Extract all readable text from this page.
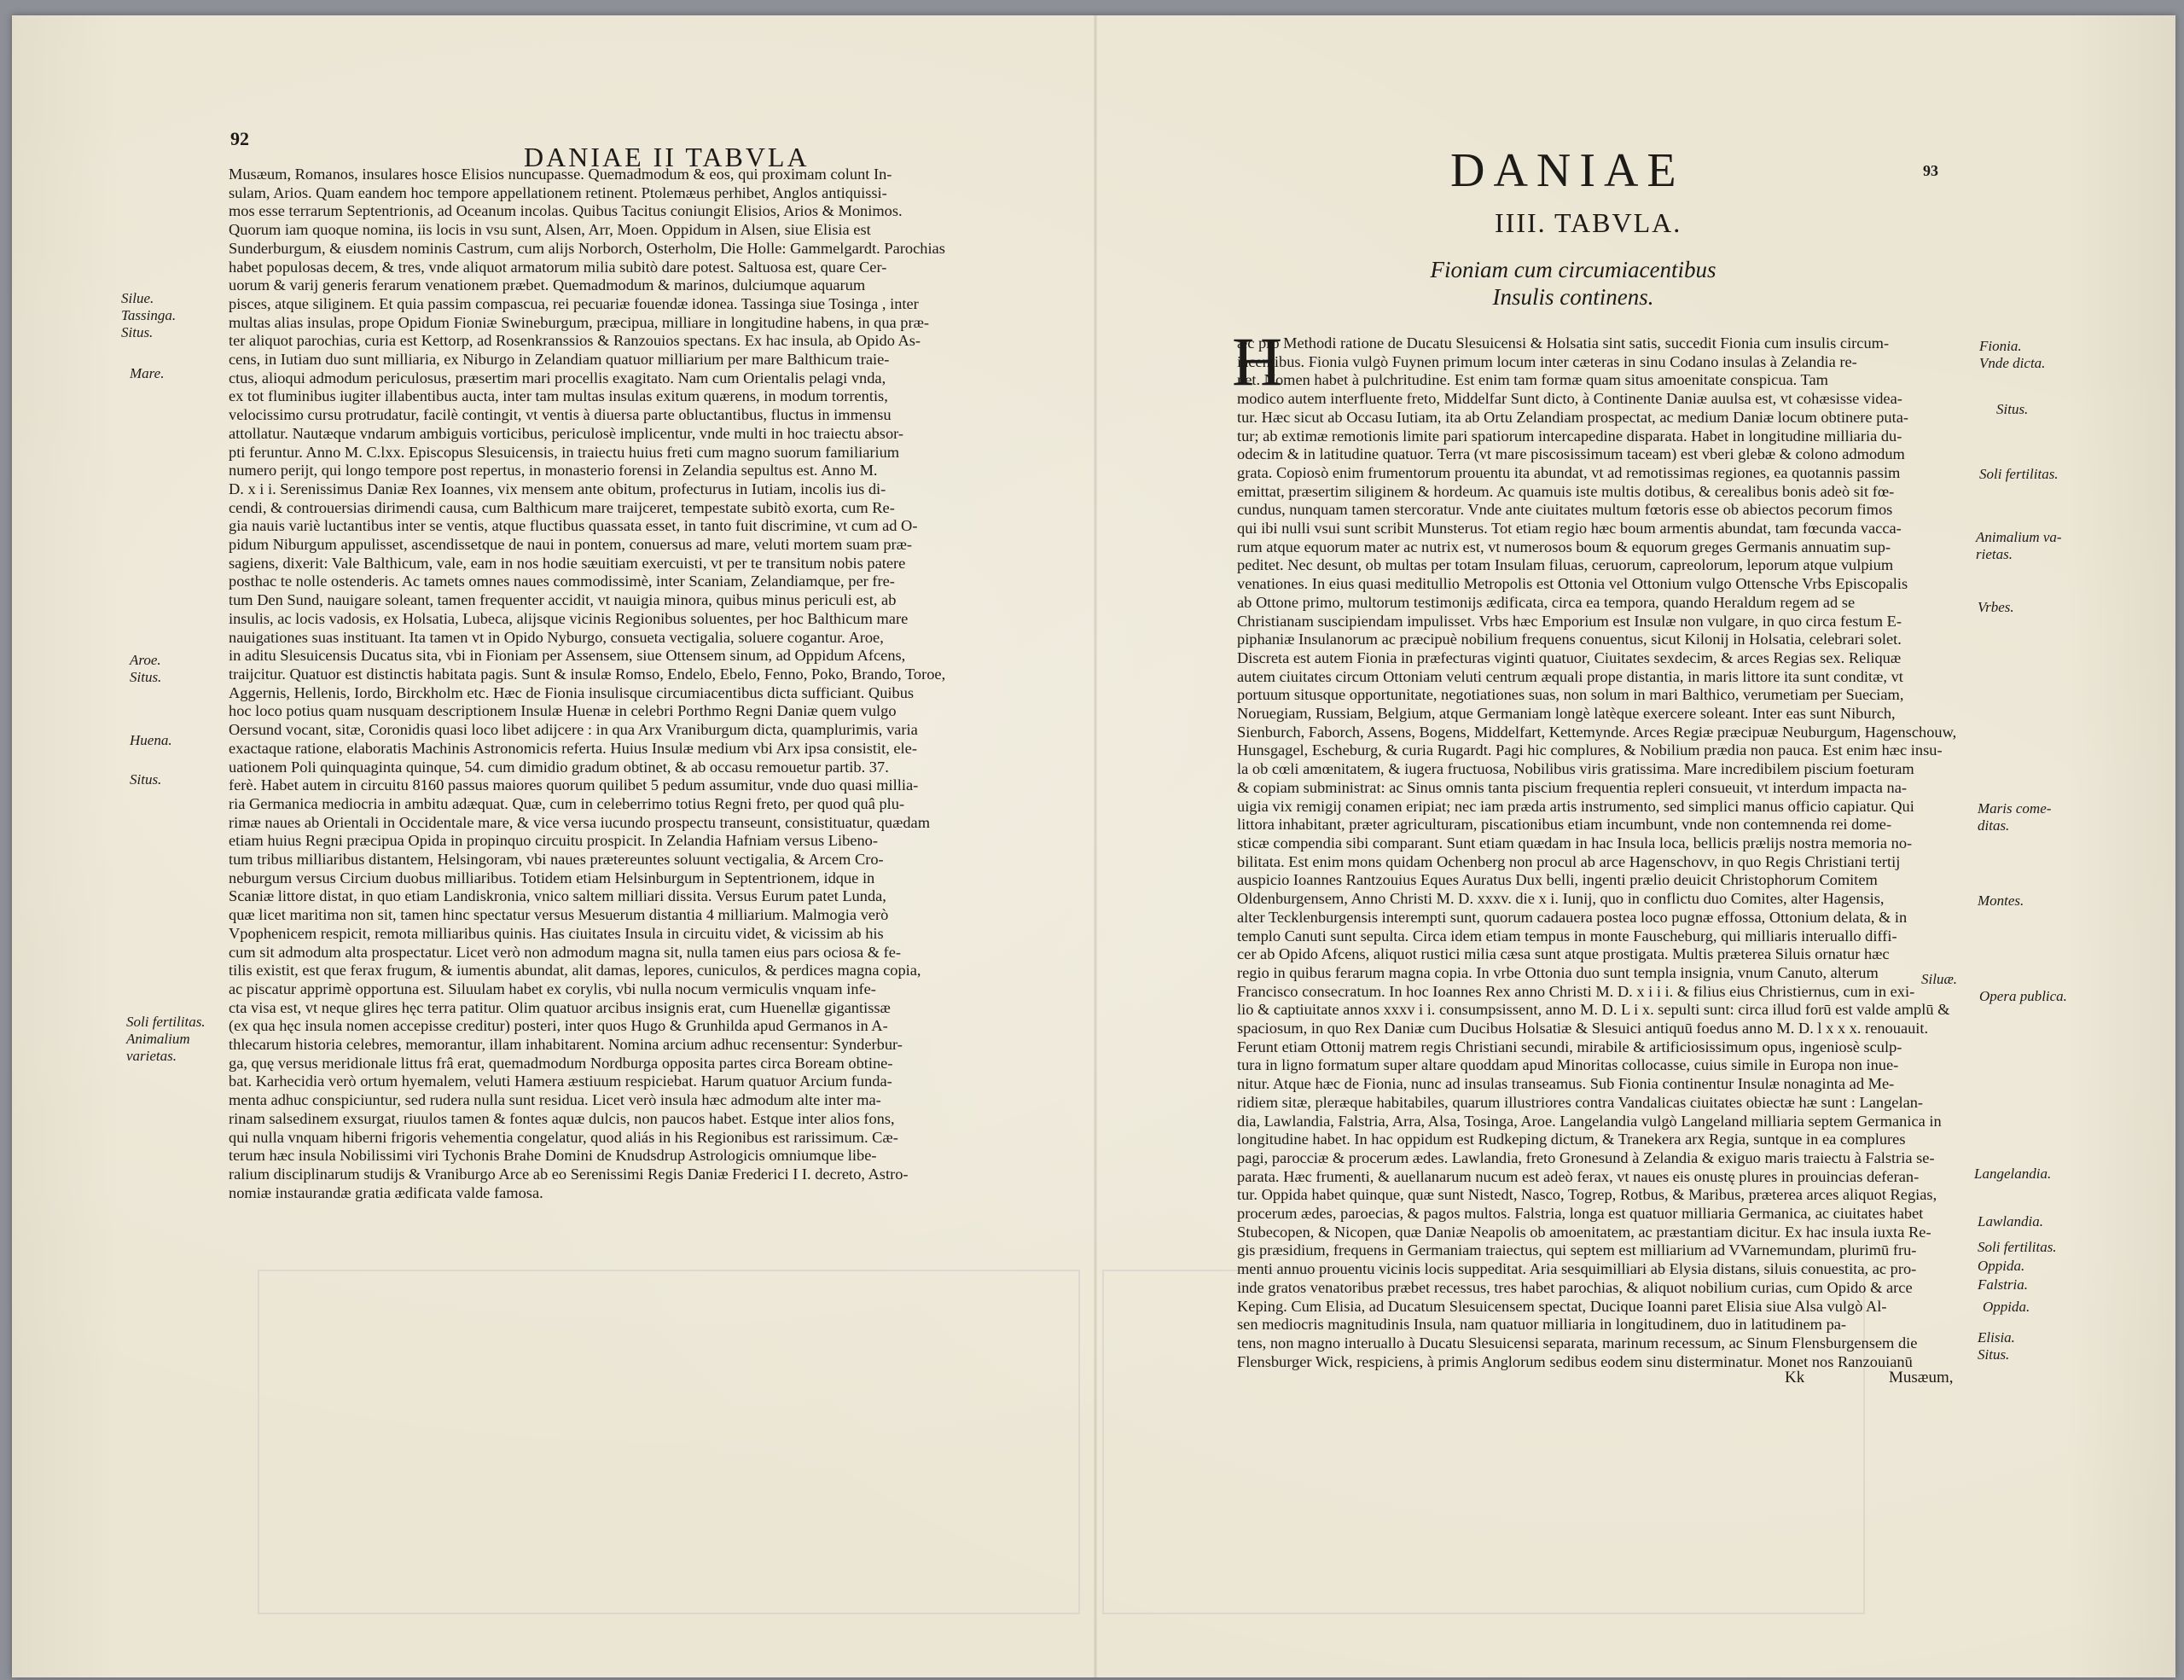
92
DANIAE II TABVLA

Musæum, Romanos, insulares hosce Elisios nuncupasse. Quemadmodum & eos, qui proximam colunt In-

sulam, Arios. Quam eandem hoc tempore appellationem retinent. Ptolemæus perhibet, Anglos antiquissi-

mos esse terrarum Septentrionis, ad Oceanum incolas. Quibus Tacitus coniungit Elisios, Arios & Monimos.

Quorum iam quoque nomina, iis locis in vsu sunt, Alsen, Arr, Moen. Oppidum in Alsen, siue Elisia est

Sunderburgum, & eiusdem nominis Castrum, cum alijs Norborch, Osterholm, Die Holle: Gammelgardt. Parochias

habet populosas decem, & tres, vnde aliquot armatorum milia subitò dare potest. Saltuosa est, quare Cer-

uorum & varij generis ferarum venationem præbet. Quemadmodum & marinos, dulciumque aquarum

pisces, atque siliginem. Et quia passim compascua, rei pecuariæ fouendæ idonea. Tassinga siue Tosinga , inter

multas alias insulas, prope Opidum Fioniæ Swineburgum, præcipua, milliare in longitudine habens, in qua præ-

ter aliquot parochias, curia est Kettorp, ad Rosenkranssios & Ranzouios spectans. Ex hac insula, ab Opido As-

cens, in Iutiam duo sunt milliaria, ex Niburgo in Zelandiam quatuor milliarium per mare Balthicum traie-

ctus, alioqui admodum periculosus, præsertim mari procellis exagitato. Nam cum Orientalis pelagi vnda,

ex tot fluminibus iugiter illabentibus aucta, inter tam multas insulas exitum quærens, in modum torrentis,

velocissimo cursu protrudatur, facilè contingit, vt ventis à diuersa parte obluctantibus, fluctus in immensu

attollatur. Nautæque vndarum ambiguis vorticibus, periculosè implicentur, vnde multi in hoc traiectu absor-

pti feruntur. Anno M. C.lxx. Episcopus Slesuicensis, in traiectu huius freti cum magno suorum familiarium

numero perijt, qui longo tempore post repertus, in monasterio forensi in Zelandia sepultus est. Anno M.

D. x i i. Serenissimus Daniæ Rex Ioannes, vix mensem ante obitum, profecturus in Iutiam, incolis ius di-

cendi, & controuersias dirimendi causa, cum Balthicum mare traijceret, tempestate subitò exorta, cum Re-

gia nauis variè luctantibus inter se ventis, atque fluctibus quassata esset, in tanto fuit discrimine, vt cum ad O-

pidum Niburgum appulisset, ascendissetque de naui in pontem, conuersus ad mare, veluti mortem suam præ-

sagiens, dixerit: Vale Balthicum, vale, eam in nos hodie sæuitiam exercuisti, vt per te transitum nobis patere

posthac te nolle ostenderis. Ac tamets omnes naues commodissimè, inter Scaniam, Zelandiamque, per fre-

tum Den Sund, nauigare soleant, tamen frequenter accidit, vt nauigia minora, quibus minus periculi est, ab

insulis, ac locis vadosis, ex Holsatia, Lubeca, alijsque vicinis Regionibus soluentes, per hoc Balthicum mare

nauigationes suas instituant. Ita tamen vt in Opido Nyburgo, consueta vectigalia, soluere cogantur. Aroe,

in aditu Slesuicensis Ducatus sita, vbi in Fioniam per Assensem, siue Ottensem sinum, ad Oppidum Afcens,

traijcitur. Quatuor est distinctis habitata pagis. Sunt & insulæ Romso, Endelo, Ebelo, Fenno, Poko, Brando, Toroe,

Aggernis, Hellenis, Iordo, Birckholm etc. Hæc de Fionia insulisque circumiacentibus dicta sufficiant. Quibus

hoc loco potius quam nusquam descriptionem Insulæ Huenæ in celebri Porthmo Regni Daniæ quem vulgo

Oersund vocant, sitæ, Coronidis quasi loco libet adijcere : in qua Arx Vraniburgum dicta, quamplurimis, varia

exactaque ratione, elaboratis Machinis Astronomicis referta. Huius Insulæ medium vbi Arx ipsa consistit, ele-

uationem Poli quinquaginta quinque, 54. cum dimidio gradum obtinet, & ab occasu remouetur partib. 37.

ferè. Habet autem in circuitu 8160 passus maiores quorum quilibet 5 pedum assumitur, vnde duo quasi millia-

ria Germanica mediocria in ambitu adæquat. Quæ, cum in celeberrimo totius Regni freto, per quod quâ plu-

rimæ naues ab Orientali in Occidentale mare, & vice versa iucundo prospectu transeunt, consistituatur, quædam

etiam huius Regni præcipua Opida in propinquo circuitu prospicit. In Zelandia Hafniam versus Libeno-

tum tribus milliaribus distantem, Helsingoram, vbi naues prætereuntes soluunt vectigalia, & Arcem Cro-

neburgum versus Circium duobus milliaribus. Totidem etiam Helsinburgum in Septentrionem, idque in

Scaniæ littore distat, in quo etiam Landiskronia, vnico saltem milliari dissita. Versus Eurum patet Lunda,

quæ licet maritima non sit, tamen hinc spectatur versus Mesuerum distantia 4 milliarium. Malmogia verò

Vpophenicem respicit, remota milliaribus quinis. Has ciuitates Insula in circuitu videt, & vicissim ab his

cum sit admodum alta prospectatur. Licet verò non admodum magna sit, nulla tamen eius pars ociosa & fe-

tilis existit, est que ferax frugum, & iumentis abundat, alit damas, lepores, cuniculos, & perdices magna copia,

ac piscatur apprimè opportuna est. Siluulam habet ex corylis, vbi nulla nocum vermiculis vnquam infe-

cta visa est, vt neque glires hęc terra patitur. Olim quatuor arcibus insignis erat, cum Huenellæ gigantissæ

(ex qua hęc insula nomen accepisse creditur) posteri, inter quos Hugo & Grunhilda apud Germanos in A-

thlecarum historia celebres, memorantur, illam inhabitarent. Nomina arcium adhuc recensentur: Synderbur-

ga, quę versus meridionale littus frâ erat, quemadmodum Nordburga opposita partes circa Boream obtine-

bat. Karhecidia verò ortum hyemalem, veluti Hamera æstiuum respiciebat. Harum quatuor Arcium funda-

menta adhuc conspiciuntur, sed rudera nulla sunt residua. Licet verò insula hæc admodum alte inter ma-

rinam salsedinem exsurgat, riuulos tamen & fontes aquæ dulcis, non paucos habet. Estque inter alios fons,

qui nulla vnquam hiberni frigoris vehementia congelatur, quod aliás in his Regionibus est rarissimum. Cæ-

terum hæc insula Nobilissimi viri Tychonis Brahe Domini de Knudsdrup Astrologicis omniumque libe-

ralium disciplinarum studijs & Vraniburgo Arce ab eo Serenissimi Regis Daniæ Frederici I I. decreto, Astro-

nomiæ instaurandæ gratia ædificata valde famosa.

Silue.
Tassinga.
Situs.
Mare.
Aroe.
Situs.
Huena.
Situs.
Soli fertilitas.
Animalium
varietas.
DANIAE	93
IIII. TABVLA.
Fioniam cum circumiacentibus
Insulis continens.
H

æc pro Methodi ratione de Ducatu Slesuicensi & Holsatia sint satis, succedit Fionia cum insulis circum-

iacentibus. Fionia vulgò Fuynen primum locum inter cæteras in sinu Codano insulas à Zelandia re-

net. Nomen habet à pulchritudine. Est enim tam formæ quam situs amoenitate conspicua. Tam

modico autem interfluente freto, Middelfar Sunt dicto, à Continente Daniæ auulsa est, vt cohæsisse videa-

tur. Hæc sicut ab Occasu Iutiam, ita ab Ortu Zelandiam prospectat, ac medium Daniæ locum obtinere puta-

tur; ab extimæ remotionis limite pari spatiorum intercapedine disparata. Habet in longitudine milliaria du-

odecim & in latitudine quatuor. Terra (vt mare piscosissimum taceam) est vberi glebæ & colono admodum

grata. Copiosò enim frumentorum prouentu ita abundat, vt ad remotissimas regiones, ea quotannis passim

emittat, præsertim siliginem & hordeum. Ac quamuis iste multis dotibus, & cerealibus bonis adeò sit fœ-

cundus, nunquam tamen stercoratur. Vnde ante ciuitates multum fœtoris esse ob abiectos pecorum fimos

qui ibi nulli vsui sunt scribit Munsterus. Tot etiam regio hæc boum armentis abundat, tam fœcunda vacca-

rum atque equorum mater ac nutrix est, vt numerosos boum & equorum greges Germanis annuatim sup-

peditet. Nec desunt, ob multas per totam Insulam filuas, ceruorum, capreolorum, leporum atque vulpium

venationes. In eius quasi meditullio Metropolis est Ottonia vel Ottonium vulgo Ottensche Vrbs Episcopalis

ab Ottone primo, multorum testimonijs ædificata, circa ea tempora, quando Heraldum regem ad se

Christianam suscipiendam impulisset. Vrbs hæc Emporium est Insulæ non vulgare, in quo circa festum E-

piphaniæ Insulanorum ac præcipuè nobilium frequens conuentus, sicut Kilonij in Holsatia, celebrari solet.

Discreta est autem Fionia in præfecturas viginti quatuor, Ciuitates sexdecim, & arces Regias sex. Reliquæ

autem ciuitates circum Ottoniam veluti centrum æquali prope distantia, in maris littore ita sunt conditæ, vt

portuum situsque opportunitate, negotiationes suas, non solum in mari Balthico, verumetiam per Sueciam,

Noruegiam, Russiam, Belgium, atque Germaniam longè latèque exercere soleant. Inter eas sunt Niburch,

Sienburch, Faborch, Assens, Bogens, Middelfart, Kettemynde. Arces Regiæ præcipuæ Neuburgum, Hagenschouw,

Hunsgagel, Escheburg, & curia Rugardt. Pagi hic complures, & Nobilium prædia non pauca. Est enim hæc insu-

la ob cœli amœnitatem, & iugera fructuosa, Nobilibus viris gratissima. Mare incredibilem piscium foeturam

& copiam subministrat: ac Sinus omnis tanta piscium frequentia repleri consueuit, vt interdum impacta na-

uigia vix remigij conamen eripiat; nec iam præda artis instrumento, sed simplici manus officio capiatur. Qui

littora inhabitant, præter agriculturam, piscationibus etiam incumbunt, vnde non contemnenda rei dome-

sticæ compendia sibi comparant. Sunt etiam quædam in hac Insula loca, bellicis prælijs nostra memoria no-

bilitata. Est enim mons quidam Ochenberg non procul ab arce Hagenschovv, in quo Regis Christiani tertij

auspicio Ioannes Rantzouius Eques Auratus Dux belli, ingenti prælio deuicit Christophorum Comitem

Oldenburgensem, Anno Christi M. D. xxxv. die x i. Iunij, quo in conflictu duo Comites, alter Hagensis,

alter Tecklenburgensis interempti sunt, quorum cadauera postea loco pugnæ effossa, Ottonium delata, & in

templo Canuti sunt sepulta. Circa idem etiam tempus in monte Fauscheburg, qui milliaris interuallo diffi-

cer ab Opido Afcens, aliquot rustici milia cæsa sunt atque prostigata. Multis præterea Siluis ornatur hæc

regio in quibus ferarum magna copia. In vrbe Ottonia duo sunt templa insignia, vnum Canuto, alterum

Francisco consecratum. In hoc Ioannes Rex anno Christi M. D. x i i i. & filius eius Christiernus, cum in exi-

lio & captiuitate annos xxxv i i. consumpsissent, anno M. D. L i x. sepulti sunt: circa illud forū est valde amplū &

spaciosum, in quo Rex Daniæ cum Ducibus Holsatiæ & Slesuici antiquū foedus anno M. D. l x x x. renouauit.

Ferunt etiam Ottonij matrem regis Christiani secundi, mirabile & artificiosissimum opus, ingeniosè sculp-

tura in ligno formatum super altare quoddam apud Minoritas collocasse, cuius simile in Europa non inue-

nitur. Atque hæc de Fionia, nunc ad insulas transeamus. Sub Fionia continentur Insulæ nonaginta ad Me-

ridiem sitæ, pleræque habitabiles, quarum illustriores contra Vandalicas ciuitates obiectæ hæ sunt : Langelan-

dia, Lawlandia, Falstria, Arra, Alsa, Tosinga, Aroe. Langelandia vulgò Langeland milliaria septem Germanica in

longitudine habet. In hac oppidum est Rudkeping dictum, & Tranekera arx Regia, suntque in ea complures

pagi, parocciæ & procerum ædes. Lawlandia, freto Gronesund à Zelandia & exiguo maris traiectu à Falstria se-

parata. Hæc frumenti, & auellanarum nucum est adeò ferax, vt naues eis onustę plures in prouincias deferan-

tur. Oppida habet quinque, quæ sunt Nistedt, Nasco, Togrep, Rotbus, & Maribus, præterea arces aliquot Regias,

procerum ædes, paroecias, & pagos multos. Falstria, longa est quatuor milliaria Germanica, ac ciuitates habet

Stubecopen, & Nicopen, quæ Daniæ Neapolis ob amoenitatem, ac præstantiam dicitur. Ex hac insula iuxta Re-

gis præsidium, frequens in Germaniam traiectus, qui septem est milliarium ad VVarnemundam, plurimū fru-

menti annuo prouentu vicinis locis suppeditat. Aria sesquimilliari ab Elysia distans, siluis conuestita, ac pro-

inde gratos venatoribus præbet recessus, tres habet parochias, & aliquot nobilium curias, cum Opido & arce

Keping. Cum Elisia, ad Ducatum Slesuicensem spectat, Ducique Ioanni paret Elisia siue Alsa vulgò Al-

sen mediocris magnitudinis Insula, nam quatuor milliaria in longitudinem, duo in latitudinem pa-

tens, non magno interuallo à Ducatu Slesuicensi separata, marinum recessum, ac Sinum Flensburgensem die

Flensburger Wick, respiciens, à primis Anglorum sedibus eodem sinu disterminatur. Monet nos Ranzouianū

Kk	Musæum,
Fionia.
Vnde dicta.
Situs.
Soli fertilitas.
Animalium va-
rietas.
Vrbes.
Maris come-
ditas.
Montes.
Siluæ.
Opera publica.
Langelandia.
Lawlandia.
Soli fertilitas.
Oppida.
Falstria.
Oppida.
Elisia.
Situs.
